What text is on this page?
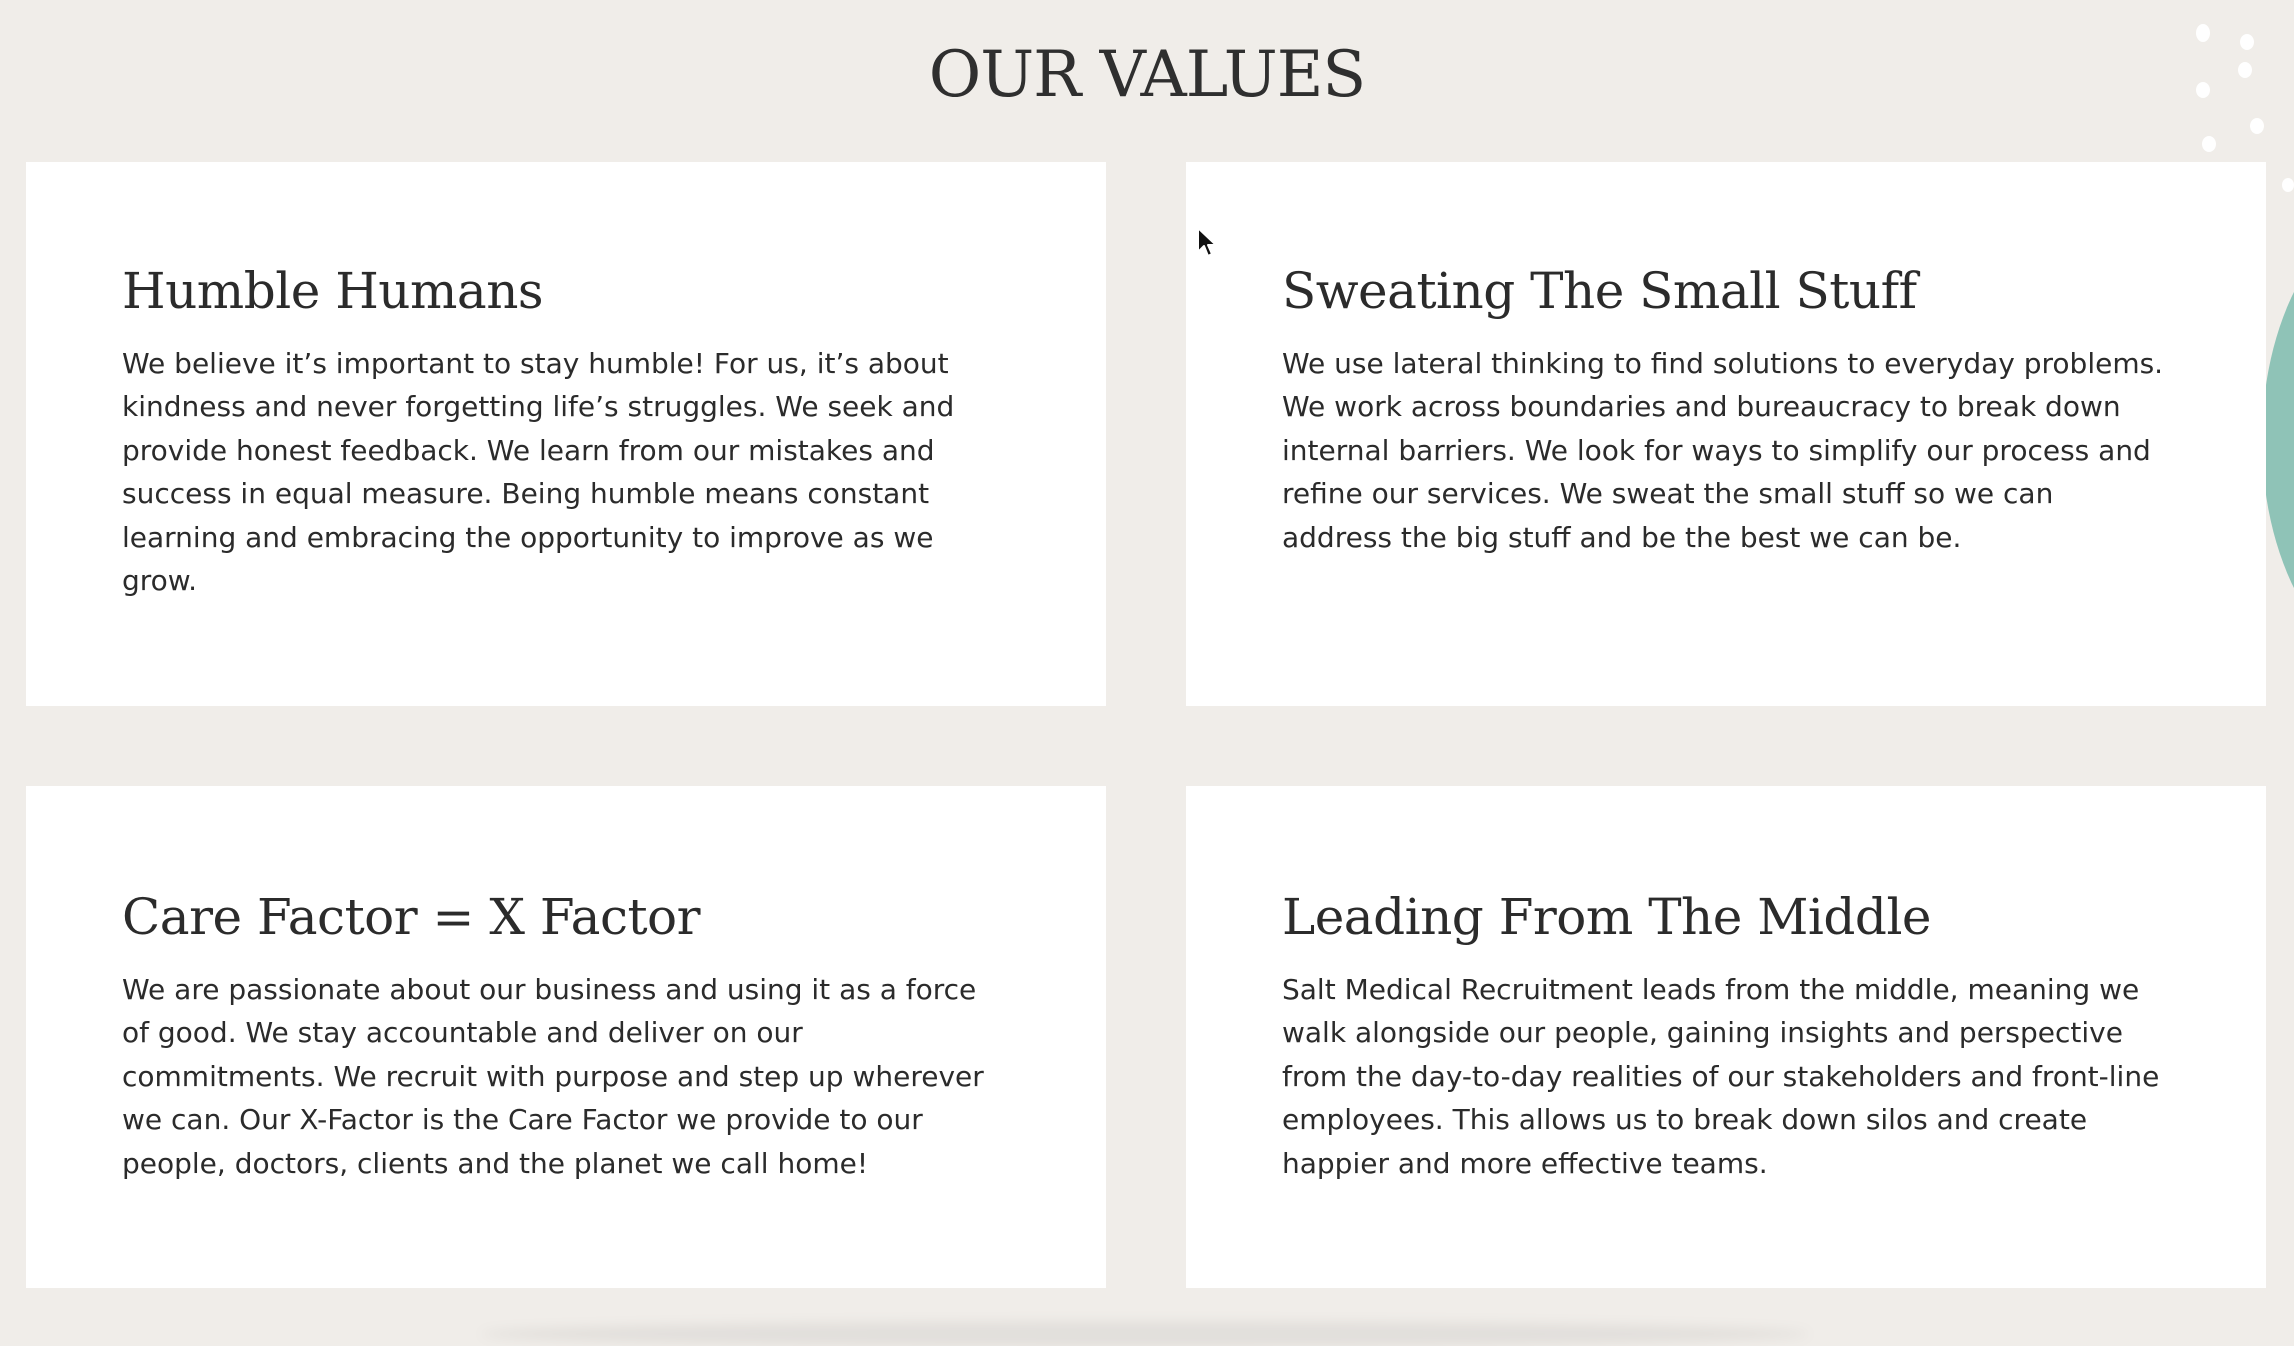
OUR VALUES
Humble Humans

We believe it’s important to stay humble! For us, it’s about kindness and never forgetting life’s struggles. We seek and provide honest feedback. We learn from our mistakes and success in equal measure. Being humble means constant learning and embracing the opportunity to improve as we grow.

Sweating The Small Stuff

We use lateral thinking to find solutions to everyday problems. We work across boundaries and bureaucracy to break down internal barriers. We look for ways to simplify our process and refine our services. We sweat the small stuff so we can address the big stuff and be the best we can be.

Care Factor = X Factor

We are passionate about our business and using it as a force of good. We stay accountable and deliver on our commitments. We recruit with purpose and step up wherever we can. Our X-Factor is the Care Factor we provide to our people, doctors, clients and the planet we call home!

Leading From The Middle

Salt Medical Recruitment leads from the middle, meaning we walk alongside our people, gaining insights and perspective from the day-to-day realities of our stakeholders and front-line employees. This allows us to break down silos and create happier and more effective teams.
